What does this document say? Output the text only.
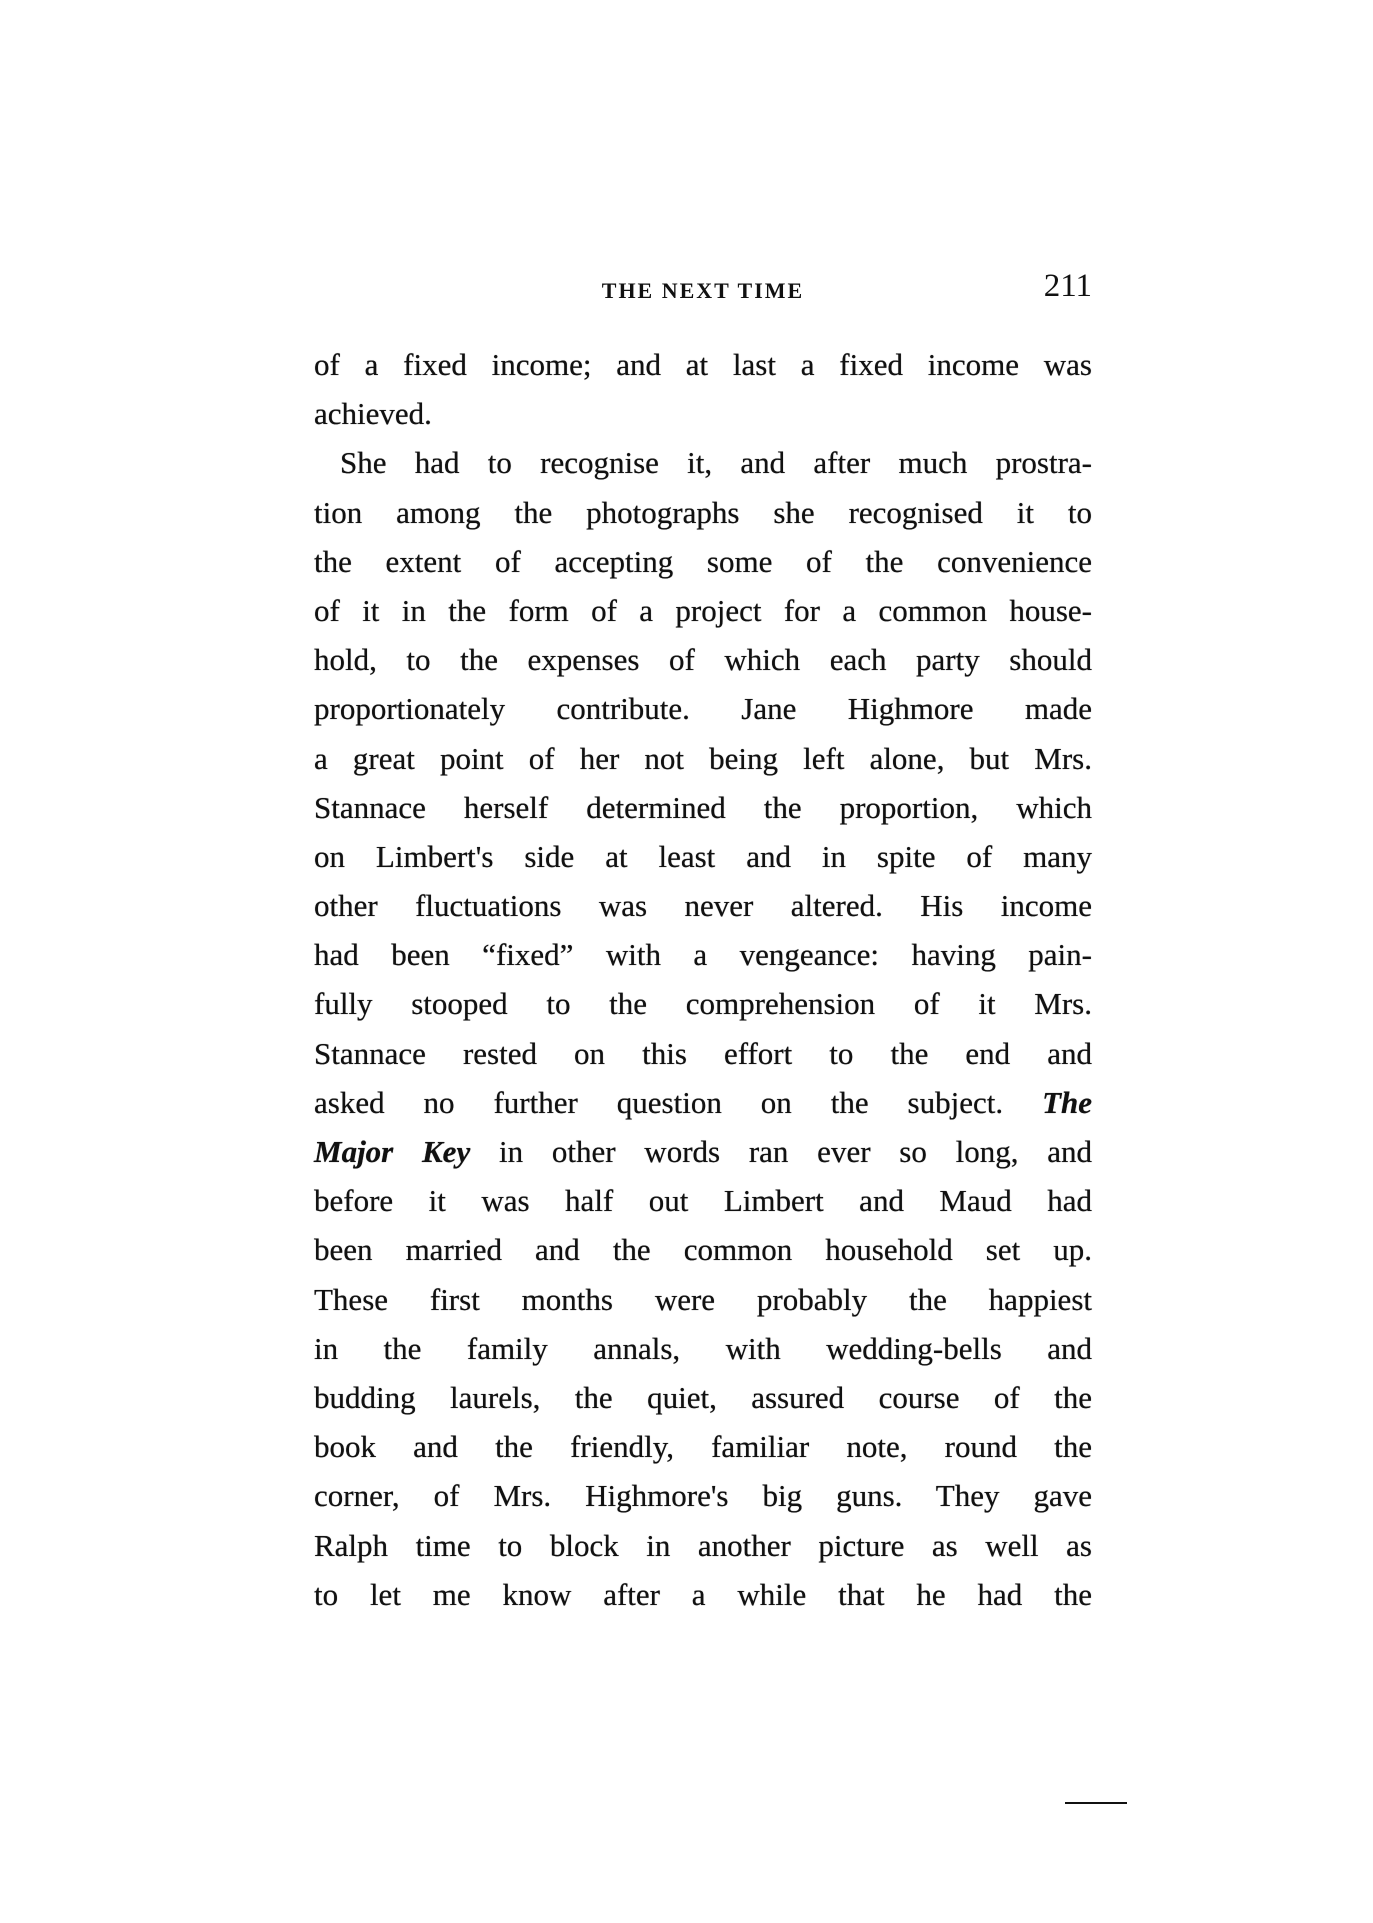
THE NEXT TIME	211
of a fixed income; and at last a fixed income was
achieved.
She had to recognise it, and after much prostra-
tion among the photographs she recognised it to
the extent of accepting some of the convenience
of it in the form of a project for a common house-
hold, to the expenses of which each party should
proportionately contribute. Jane Highmore made
a great point of her not being left alone, but Mrs.
Stannace herself determined the proportion, which
on Limbert's side at least and in spite of many
other fluctuations was never altered. His income
had been “fixed” with a vengeance: having pain-
fully stooped to the comprehension of it Mrs.
Stannace rested on this effort to the end and
asked no further question on the subject. The
Major Key in other words ran ever so long, and
before it was half out Limbert and Maud had
been married and the common household set up.
These first months were probably the happiest
in the family annals, with wedding-bells and
budding laurels, the quiet, assured course of the
book and the friendly, familiar note, round the
corner, of Mrs. Highmore's big guns. They gave
Ralph time to block in another picture as well as
to let me know after a while that he had the
